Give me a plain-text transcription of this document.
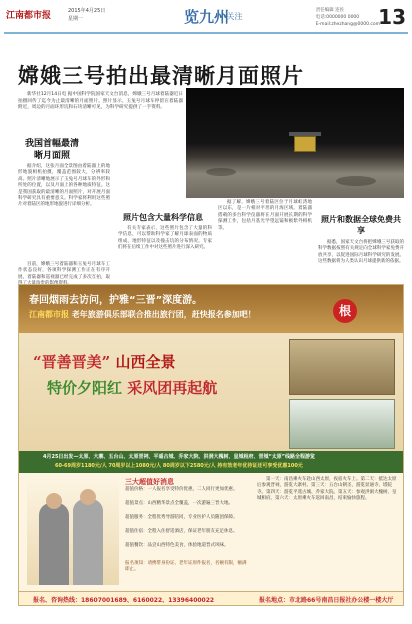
江南都市报	2015年4月25日
星期一	览九州
·关注
责任编辑 连佐
电话:0000000 0000
E-mail:zhezhang@0000.com
13
嫦娥三号拍出最清晰月面照片
新华社12月14日电 据中国科学院国家天文台消息，嫦娥三号月球着陆器近日拍摄回传了迄今为止最清晰的月面照片。照片显示，玉兔号月球车停留在着陆器附近，周边的月面环形坑和石块清晰可见，为科学研究提供了一手资料。
我国首幅最清晰月面照
据介绍，这张月面全景图由着陆器上的地形地貌相机拍摄，覆盖范围较大，分辨率较高。照片清晰地展示了玉兔号月球车的外形和所处的位置，以及月面上的各种地质特征。这是我国获取的最清晰的月面照片，对开展月面科学研究具有重要意义。科学家将利用这些照片对着陆区的地形地貌进行详细分析。
目前，嫦娥三号着陆器和玉兔号月球车工作状态良好，各项科学探测工作正在有序开展。着陆器和巡视器已经完成了多次互拍，取
照片包含大量科学信息
有关专家表示，这些照片包含了大量的科学信息，可以帮助科学家了解月球表面的物质组成、地形特征以及撞击坑的分布情况。专家们将在后续工作中对这些照片进行深入研究。
据了解，嫦娥三号着陆区位于月球虹湾地区以东，是一片相对平坦的月海区域。着陆器搭载的多台科学仪器将在月面开展长期的科学探测工作，包括月基光学望远镜和极紫外相机等。
照片和数据全球免费共享
据悉，国家天文台将把嫦娥三号获取的科学数据按照有关规定向全球科学家免费开放共享，以促进国际月球科学研究的发展。这些数据将为人类认识月球提供新的依据。
春回烟雨去访问，护雅“三晋”深度游。
江南都市报 老年旅游俱乐部联合推出旅行团，赶快报名参加吧！	根
“晋善晋美” 山西全景
特价夕阳红 采风团再起航
4月25日出发—太原、大寨、五台山、太原晋祠、平遥古城、乔家大院、洪洞大槐树、皇城相府、晋城“太原”线路全程游览
60-69周岁1180元/人 70周岁以上1080元/人 80周岁以下2580元/人 持有效老年优待证还可享受优惠100元
三大超值好消息
超值价格：一人报名享受特价优惠，二人同行更加优惠。
超值景点：山西精华景点全覆盖，一次游遍三晋大地。
超值服务：全程优秀导游陪同，专业医护人员随团保障。
超值住宿：全程入住舒适酒店，保证老年朋友充足休息。
超值餐饮：品尝山西特色美食，体验地道晋式风味。
报名须知：请携带身份证、老年证原件报名，名额有限，额满即止。
第一天：南昌乘火车赴山西太原，夜宿火车上。第二天：抵达太原后参观晋祠，游览大寨村。第三天：五台山朝圣，游览显通寺、塔院寺。第四天：游览平遥古城、乔家大院。第五天：参观洪洞大槐树、皇城相府。第六天：太原乘火车返回南昌，结束愉快旅程。
报名、咨询热线：18607001689、6160022、13396400022	报名地点：市北路66号南昌日报社办公楼一楼大厅
